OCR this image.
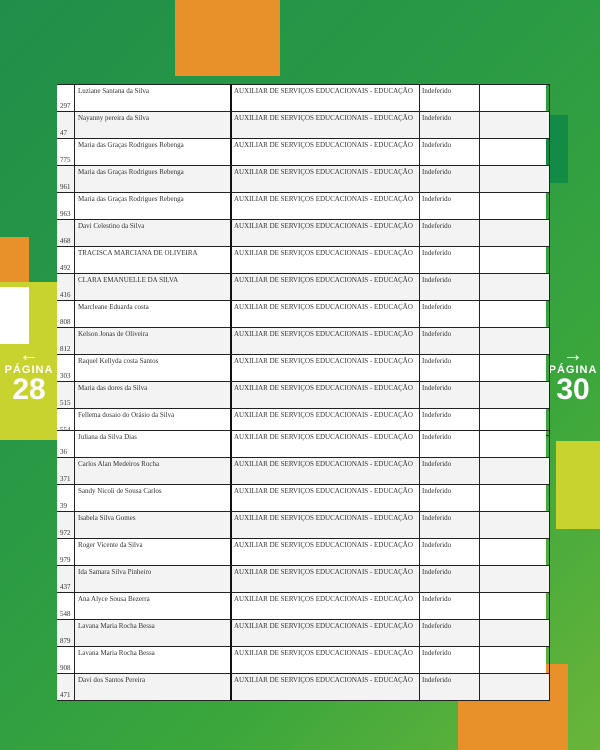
←
PÁGINA
28
→
PÁGINA
30
297	Luziane Santana da Silva	AUXILIAR DE SERVIÇOS EDUCACIONAIS - EDUCAÇÃO	Indeferido	

47	Nayanny pereira da Silva	AUXILIAR DE SERVIÇOS EDUCACIONAIS - EDUCAÇÃO	Indeferido	

775	Maria das Graças Rodrigues Rebenga	AUXILIAR DE SERVIÇOS EDUCACIONAIS - EDUCAÇÃO	Indeferido	

961	Maria das Graças Rodrigues Rebenga	AUXILIAR DE SERVIÇOS EDUCACIONAIS - EDUCAÇÃO	Indeferido	

963	Maria das Graças Rodrigues Rebenga	AUXILIAR DE SERVIÇOS EDUCACIONAIS - EDUCAÇÃO	Indeferido	

468	Davi Celestino da Silva	AUXILIAR DE SERVIÇOS EDUCACIONAIS - EDUCAÇÃO	Indeferido	

492	TRACISCA MARCIANA DE OLIVEIRA	AUXILIAR DE SERVIÇOS EDUCACIONAIS - EDUCAÇÃO	Indeferido	

416	CLARA EMANUELLE DA SILVA	AUXILIAR DE SERVIÇOS EDUCACIONAIS - EDUCAÇÃO	Indeferido	

808	Marcleane Eduarda costa	AUXILIAR DE SERVIÇOS EDUCACIONAIS - EDUCAÇÃO	Indeferido	

812	Kelson Jonas de Oliveira	AUXILIAR DE SERVIÇOS EDUCACIONAIS - EDUCAÇÃO	Indeferido	

303	Raquel Kellyda costa Santos	AUXILIAR DE SERVIÇOS EDUCACIONAIS - EDUCAÇÃO	Indeferido	

515	Maria das dores da Silva	AUXILIAR DE SERVIÇOS EDUCACIONAIS - EDUCAÇÃO	Indeferido	

	Fellema dosaio do Orásio da Silva	AUXILIAR DE SERVIÇOS EDUCACIONAIS - EDUCAÇÃO	Indeferido	
36	Juliana da Silva Dias	AUXILIAR DE SERVIÇOS EDUCACIONAIS - EDUCAÇÃO	Indeferido	

371	Carlos Alan Medeiros Rocha	AUXILIAR DE SERVIÇOS EDUCACIONAIS - EDUCAÇÃO	Indeferido	

39	Sandy Nicoli de Sousa Carlos	AUXILIAR DE SERVIÇOS EDUCACIONAIS - EDUCAÇÃO	Indeferido	

972	Isabela Silva Gomes	AUXILIAR DE SERVIÇOS EDUCACIONAIS - EDUCAÇÃO	Indeferido	

979	Roger Vicente da Silva	AUXILIAR DE SERVIÇOS EDUCACIONAIS - EDUCAÇÃO	Indeferido	

437	Ida Samara Silva Pinheiro	AUXILIAR DE SERVIÇOS EDUCACIONAIS - EDUCAÇÃO	Indeferido	

548	Ana Alyce Sousa Bezerra	AUXILIAR DE SERVIÇOS EDUCACIONAIS - EDUCAÇÃO	Indeferido	

879	Lavana Maria Rocha Bessa	AUXILIAR DE SERVIÇOS EDUCACIONAIS - EDUCAÇÃO	Indeferido	

908	Lavana Maria Rocha Bessa	AUXILIAR DE SERVIÇOS EDUCACIONAIS - EDUCAÇÃO	Indeferido	

471	Davi dos Santos Pereira	AUXILIAR DE SERVIÇOS EDUCACIONAIS - EDUCAÇÃO	Indeferido	
